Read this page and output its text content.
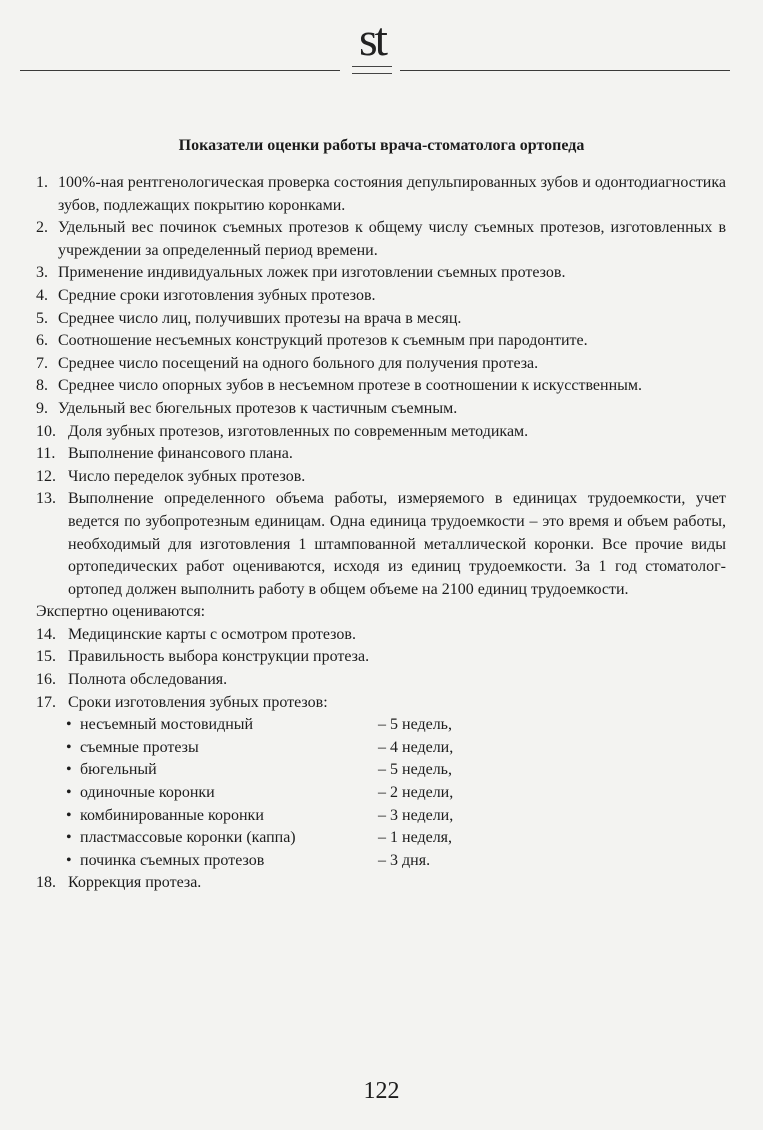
st
Показатели оценки работы врача-стоматолога ортопеда
1. 100%-ная рентгенологическая проверка состояния депульпированных зубов и одонтодиагностика зубов, подлежащих покрытию коронками.
2. Удельный вес починок съемных протезов к общему числу съемных протезов, изготовленных в учреждении за определенный период времени.
3. Применение индивидуальных ложек при изготовлении съемных протезов.
4. Средние сроки изготовления зубных протезов.
5. Среднее число лиц, получивших протезы на врача в месяц.
6. Соотношение несъемных конструкций протезов к съемным при пародонтите.
7. Среднее число посещений на одного больного для получения протеза.
8. Среднее число опорных зубов в несъемном протезе в соотношении к искусственным.
9. Удельный вес бюгельных протезов к частичным съемным.
10. Доля зубных протезов, изготовленных по современным методикам.
11. Выполнение финансового плана.
12. Число переделок зубных протезов.
13. Выполнение определенного объема работы, измеряемого в единицах трудоемкости, учет ведется по зубопротезным единицам. Одна единица трудоемкости – это время и объем работы, необходимый для изготовления 1 штампованной металлической коронки. Все прочие виды ортопедических работ оцениваются, исходя из единиц трудоемкости. За 1 год стоматолог-ортопед должен выполнить работу в общем объеме на 2100 единиц трудоемкости.
Экспертно оцениваются:
14. Медицинские карты с осмотром протезов.
15. Правильность выбора конструкции протеза.
16. Полнота обследования.
17. Сроки изготовления зубных протезов:
• несъемный мостовидный	– 5 недель,
• съемные протезы	– 4 недели,
• бюгельный	– 5 недель,
• одиночные коронки	– 2 недели,
• комбинированные коронки	– 3 недели,
• пластмассовые коронки (каппа)	– 1 неделя,
• починка съемных протезов	– 3 дня.
18. Коррекция протеза.
122
